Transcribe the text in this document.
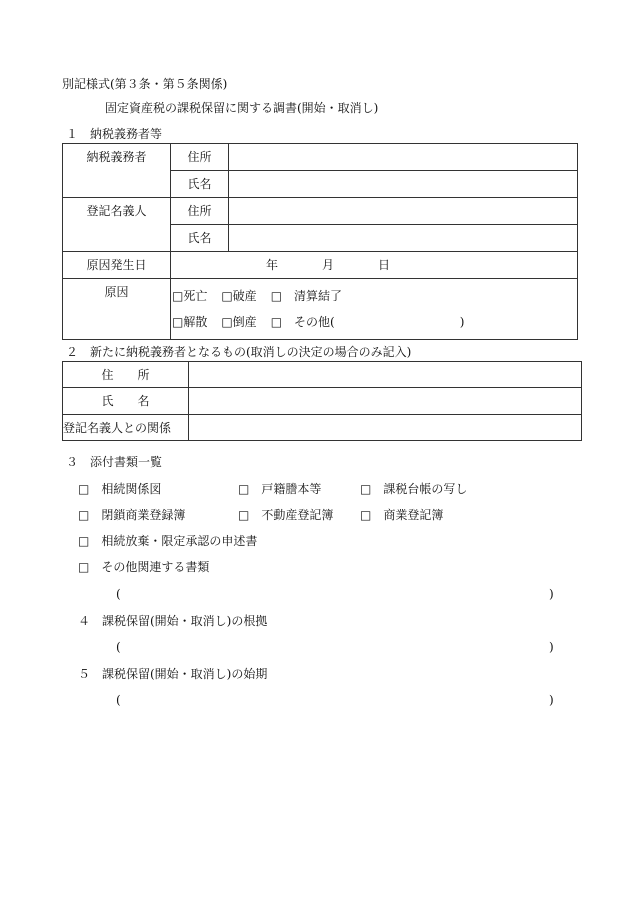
別記様式(第３条・第５条関係)
固定資産税の課税保留に関する調書(開始・取消し)
１　納税義務者等
納税義務者	住所	
	氏名	
登記名義人	住所	
	氏名	
原因発生日	年 月 日	
原因	□死亡 □破産 □　清算結了
□解散 □倒産 □　その他( )	
２　新たに納税義務者となるもの(取消しの決定の場合のみ記入)
住　　所	
氏　　名	
登記名義人との関係	
３　添付書類一覧
□　相続関係図	□　戸籍謄本等	□　課税台帳の写し
□　閉鎖商業登録簿	□　不動産登記簿 □　商業登記簿
□　相続放棄・限定承認の申述書
□　その他関連する書類
(	)
４　課税保留(開始・取消し)の根拠
(	)
５　課税保留(開始・取消し)の始期
(	)
